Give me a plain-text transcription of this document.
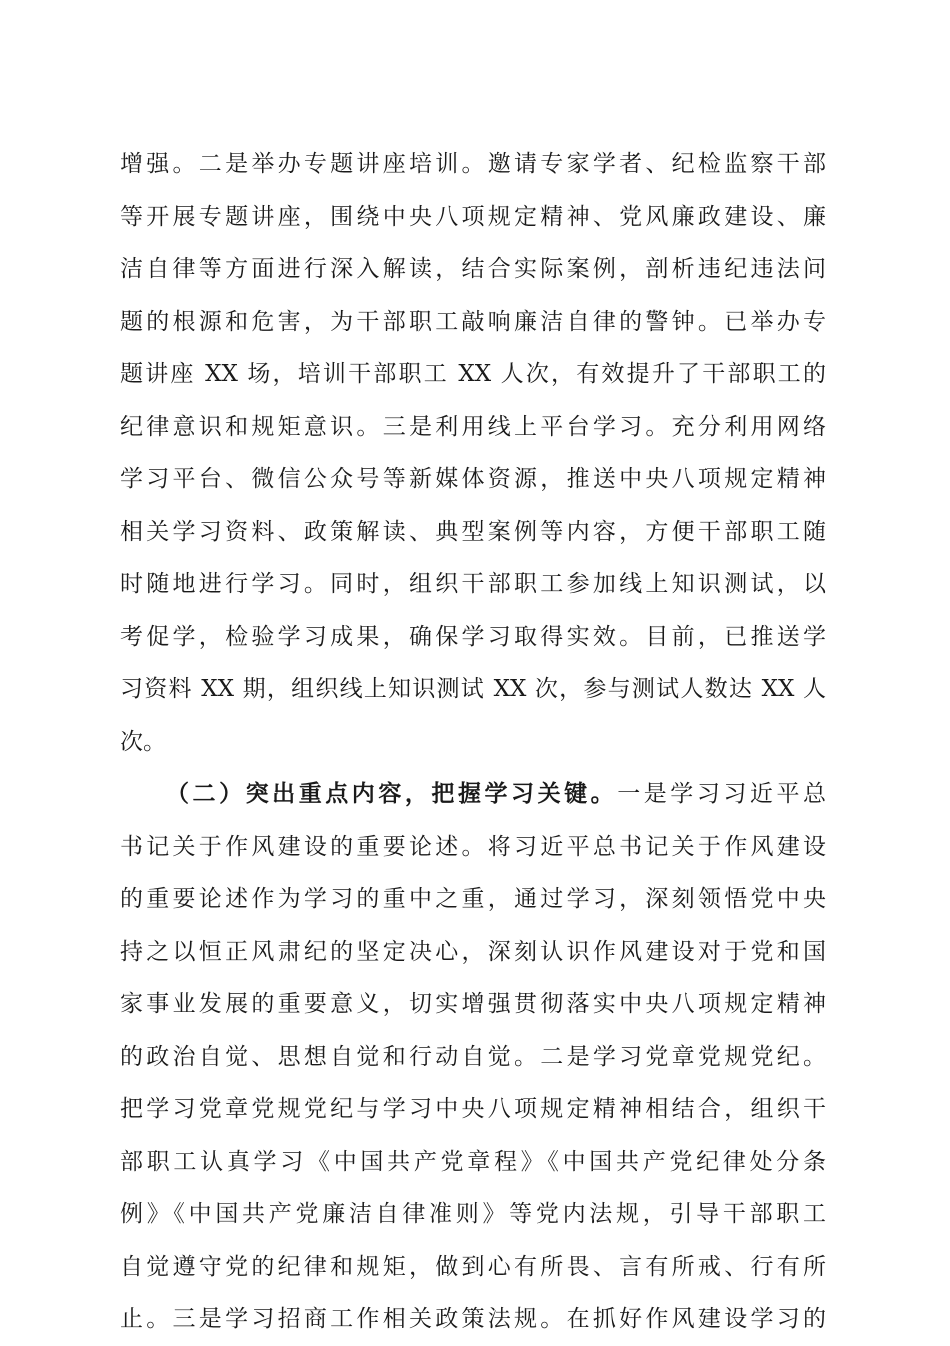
增强。二是举办专题讲座培训。邀请专家学者、纪检监察干部
等开展专题讲座，围绕中央八项规定精神、党风廉政建设、廉
洁自律等方面进行深入解读，结合实际案例，剖析违纪违法问
题的根源和危害，为干部职工敲响廉洁自律的警钟。已举办专
题讲座 XX 场，培训干部职工 XX 人次，有效提升了干部职工的
纪律意识和规矩意识。三是利用线上平台学习。充分利用网络
学习平台、微信公众号等新媒体资源，推送中央八项规定精神
相关学习资料、政策解读、典型案例等内容，方便干部职工随
时随地进行学习。同时，组织干部职工参加线上知识测试，以
考促学，检验学习成果，确保学习取得实效。目前，已推送学
习资料 XX 期，组织线上知识测试 XX 次，参与测试人数达 XX 人
次。
（二）突出重点内容，把握学习关键。一是学习习近平总
书记关于作风建设的重要论述。将习近平总书记关于作风建设
的重要论述作为学习的重中之重，通过学习，深刻领悟党中央
持之以恒正风肃纪的坚定决心，深刻认识作风建设对于党和国
家事业发展的重要意义，切实增强贯彻落实中央八项规定精神
的政治自觉、思想自觉和行动自觉。二是学习党章党规党纪。
把学习党章党规党纪与学习中央八项规定精神相结合，组织干
部职工认真学习《中国共产党章程》《中国共产党纪律处分条
例》《中国共产党廉洁自律准则》等党内法规，引导干部职工
自觉遵守党的纪律和规矩，做到心有所畏、言有所戒、行有所
止。三是学习招商工作相关政策法规。在抓好作风建设学习的
